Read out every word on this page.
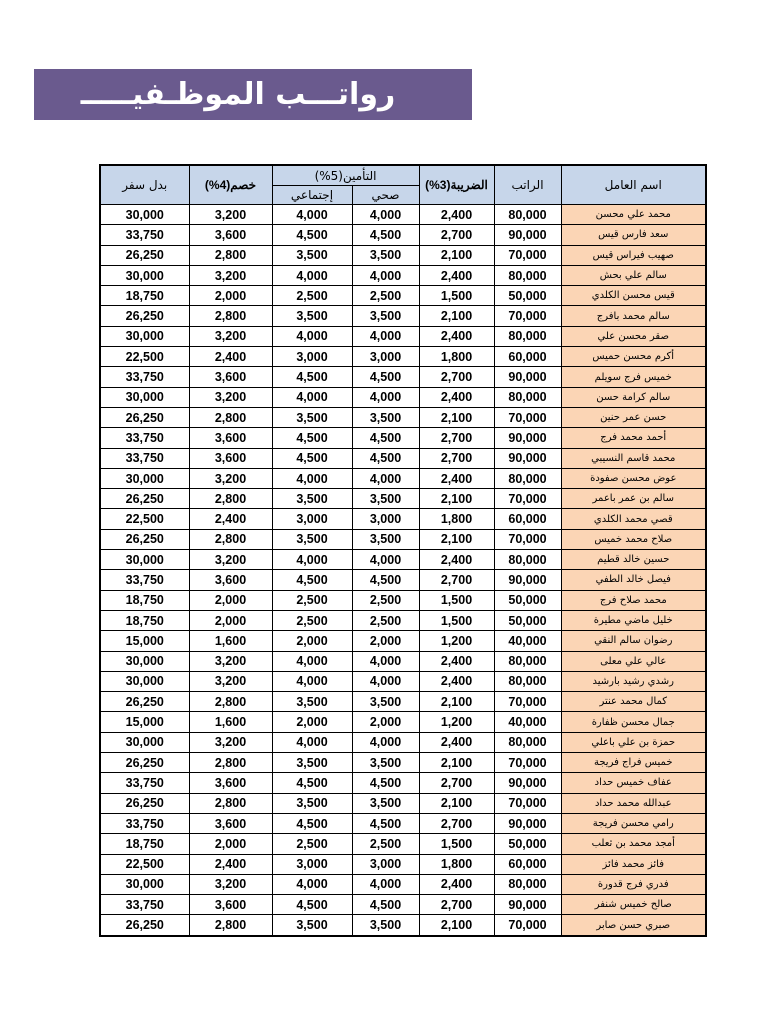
رواتـــب الموظـفيـــــ
اسم العامل	الراتب	الضريبة(3%)	التأمين(5%)		خصم(4%)	بدل سفر
			صحي	إجتماعي		
محمد علي محسن	80,000	2,400	4,000	4,000	3,200	30,000
سعد فارس قيس	90,000	2,700	4,500	4,500	3,600	33,750
صهيب فيراس قيس	70,000	2,100	3,500	3,500	2,800	26,250
سالم علي بحش	80,000	2,400	4,000	4,000	3,200	30,000
قيس محسن الكلدي	50,000	1,500	2,500	2,500	2,000	18,750
سالم محمد بافرج	70,000	2,100	3,500	3,500	2,800	26,250
صقر محسن علي	80,000	2,400	4,000	4,000	3,200	30,000
أكرم محسن حميس	60,000	1,800	3,000	3,000	2,400	22,500
خميس فرج سويلم	90,000	2,700	4,500	4,500	3,600	33,750
سالم كرامة حسن	80,000	2,400	4,000	4,000	3,200	30,000
حسن عمر حنين	70,000	2,100	3,500	3,500	2,800	26,250
أحمد محمد فرج	90,000	2,700	4,500	4,500	3,600	33,750
محمد قاسم النسيبي	90,000	2,700	4,500	4,500	3,600	33,750
عوض محسن صفودة	80,000	2,400	4,000	4,000	3,200	30,000
سالم بن عمر باعمر	70,000	2,100	3,500	3,500	2,800	26,250
قصي محمد الكلدي	60,000	1,800	3,000	3,000	2,400	22,500
صلاح محمد خميس	70,000	2,100	3,500	3,500	2,800	26,250
حسين خالد قطيم	80,000	2,400	4,000	4,000	3,200	30,000
فيصل خالد الطفي	90,000	2,700	4,500	4,500	3,600	33,750
محمد صلاح فرج	50,000	1,500	2,500	2,500	2,000	18,750
خليل ماضي مطيرة	50,000	1,500	2,500	2,500	2,000	18,750
رضوان سالم النقي	40,000	1,200	2,000	2,000	1,600	15,000
عالي علي معلى	80,000	2,400	4,000	4,000	3,200	30,000
رشدي رشيد بارشيد	80,000	2,400	4,000	4,000	3,200	30,000
كمال محمد عنتر	70,000	2,100	3,500	3,500	2,800	26,250
جمال محسن ظفارة	40,000	1,200	2,000	2,000	1,600	15,000
حمزة بن علي باعلي	80,000	2,400	4,000	4,000	3,200	30,000
خميس فراج فريجة	70,000	2,100	3,500	3,500	2,800	26,250
عفاف خميس حداد	90,000	2,700	4,500	4,500	3,600	33,750
عبدالله محمد حداد	70,000	2,100	3,500	3,500	2,800	26,250
رامي محسن فريجة	90,000	2,700	4,500	4,500	3,600	33,750
أمجد محمد بن ثعلب	50,000	1,500	2,500	2,500	2,000	18,750
فائز محمد فائز	60,000	1,800	3,000	3,000	2,400	22,500
فدري فرج قدورة	80,000	2,400	4,000	4,000	3,200	30,000
صالح خميس شنفر	90,000	2,700	4,500	4,500	3,600	33,750
صبري حسن صابر	70,000	2,100	3,500	3,500	2,800	26,250
